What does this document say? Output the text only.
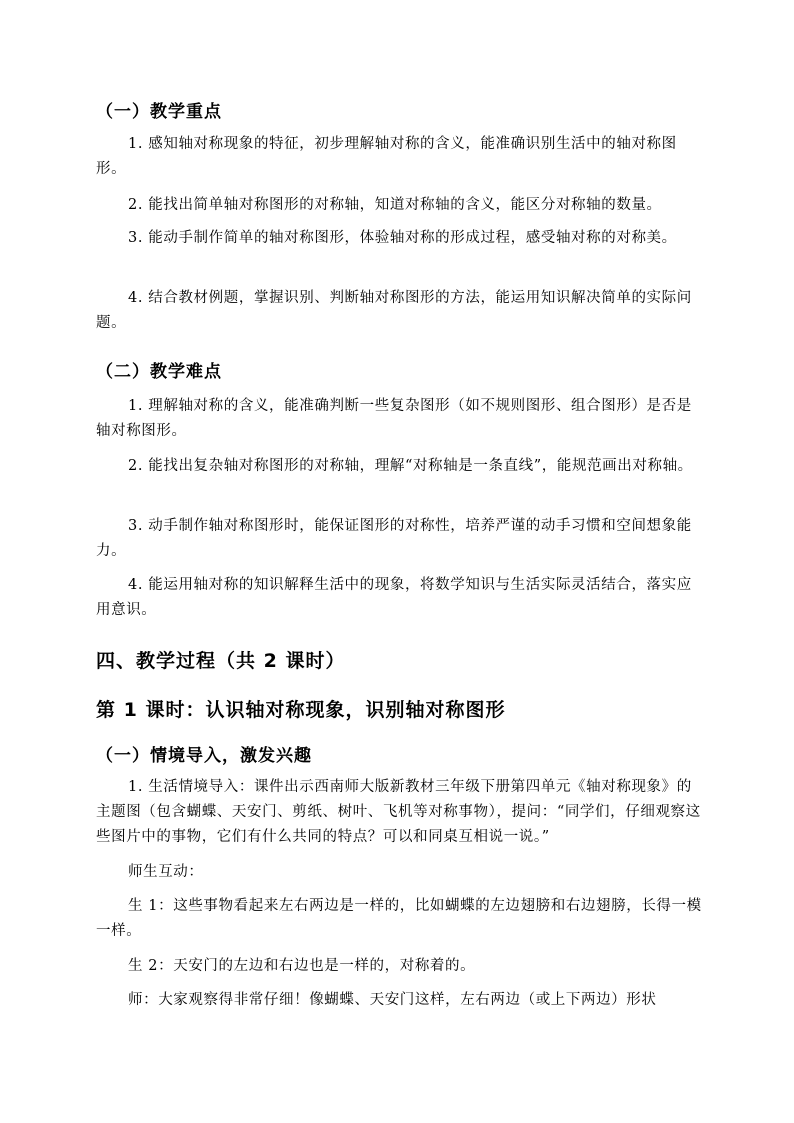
（一）教学重点
1. 感知轴对称现象的特征，初步理解轴对称的含义，能准确识别生活中的轴对称图形。
2. 能找出简单轴对称图形的对称轴，知道对称轴的含义，能区分对称轴的数量。
3. 能动手制作简单的轴对称图形，体验轴对称的形成过程，感受轴对称的对称美。
4. 结合教材例题，掌握识别、判断轴对称图形的方法，能运用知识解决简单的实际问题。
（二）教学难点
1. 理解轴对称的含义，能准确判断一些复杂图形（如不规则图形、组合图形）是否是轴对称图形。
2. 能找出复杂轴对称图形的对称轴，理解“对称轴是一条直线”，能规范画出对称轴。
3. 动手制作轴对称图形时，能保证图形的对称性，培养严谨的动手习惯和空间想象能力。
4. 能运用轴对称的知识解释生活中的现象，将数学知识与生活实际灵活结合，落实应用意识。
四、教学过程（共 2 课时）
第 1 课时：认识轴对称现象，识别轴对称图形
（一）情境导入，激发兴趣
1. 生活情境导入：课件出示西南师大版新教材三年级下册第四单元《轴对称现象》的主题图（包含蝴蝶、天安门、剪纸、树叶、飞机等对称事物），提问：“同学们，仔细观察这些图片中的事物，它们有什么共同的特点？可以和同桌互相说一说。”
师生互动：
生 1：这些事物看起来左右两边是一样的，比如蝴蝶的左边翅膀和右边翅膀，长得一模一样。
生 2：天安门的左边和右边也是一样的，对称着的。
师：大家观察得非常仔细！像蝴蝶、天安门这样，左右两边（或上下两边）形状
